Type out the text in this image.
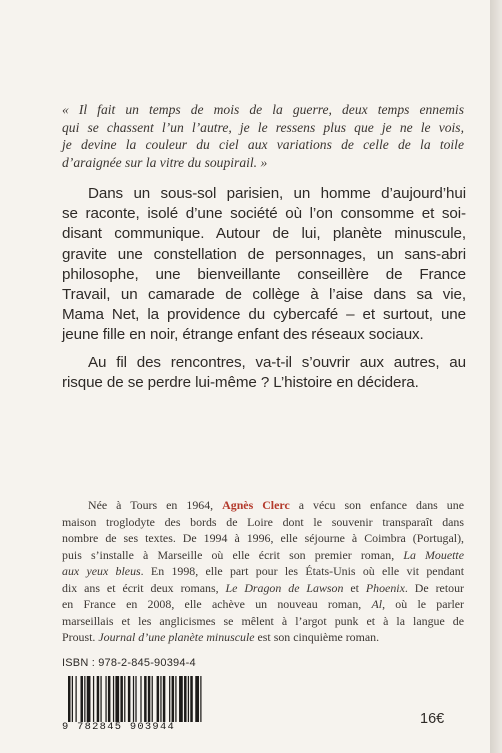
« Il fait un temps de mois de la guerre, deux temps ennemis
qui se chassent l’un l’autre, je le ressens plus que je ne le vois,
je devine la couleur du ciel aux variations de celle de la toile
d’araignée sur la vitre du soupirail. »
Dans un sous-sol parisien, un homme d’aujourd’hui
se raconte, isolé d’une société où l’on consomme et soi-
disant communique. Autour de lui, planète minuscule,
gravite une constellation de personnages, un sans-abri
philosophe, une bienveillante conseillère de France
Travail, un camarade de collège à l’aise dans sa vie,
Mama Net, la providence du cybercafé – et surtout, une
jeune fille en noir, étrange enfant des réseaux sociaux.
Au fil des rencontres, va-t-il s’ouvrir aux autres, au
risque de se perdre lui-même ? L’histoire en décidera.
Née à Tours en 1964, Agnès Clerc a vécu son enfance dans une
maison troglodyte des bords de Loire dont le souvenir transparaît dans
nombre de ses textes. De 1994 à 1996, elle séjourne à Coimbra (Portugal),
puis s’installe à Marseille où elle écrit son premier roman, La Mouette
aux yeux bleus. En 1998, elle part pour les États-Unis où elle vit pendant
dix ans et écrit deux romans, Le Dragon de Lawson et Phoenix. De retour
en France en 2008, elle achève un nouveau roman, Al, où le parler
marseillais et les anglicismes se mêlent à l’argot punk et à la langue de
Proust. Journal d’une planète minuscule est son cinquième roman.
ISBN : 978-2-845-90394-4
9 782845 903944	16€
